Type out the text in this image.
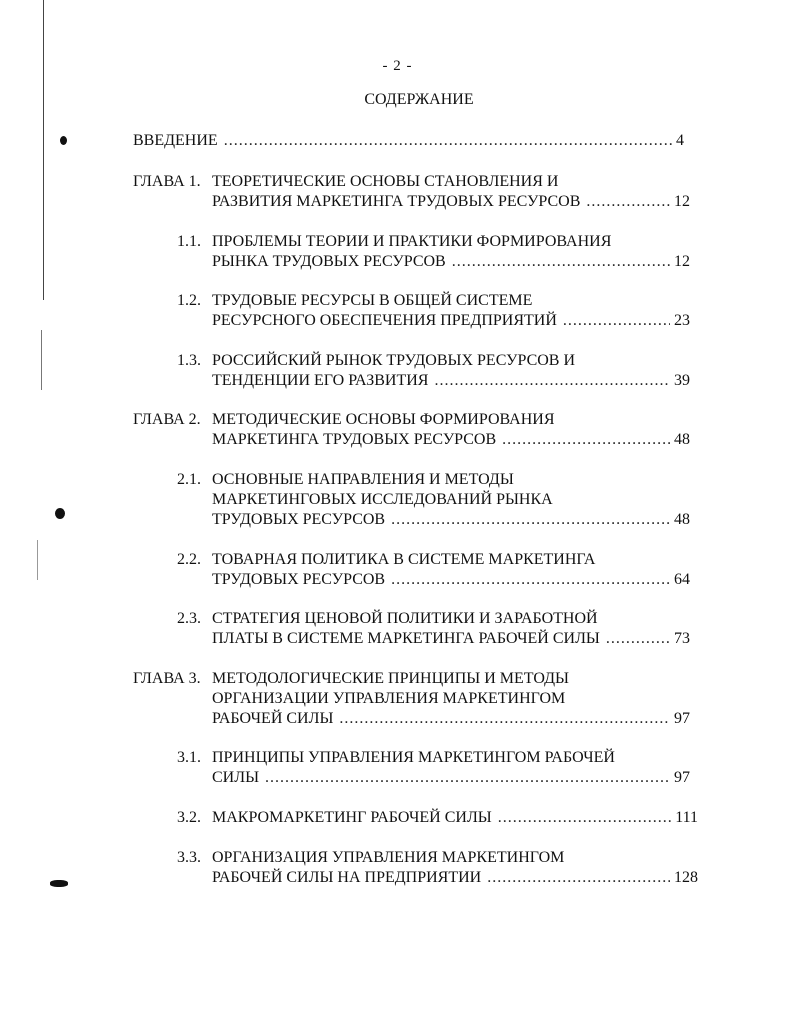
- 2 -
СОДЕРЖАНИЕ
ВВЕДЕНИЕ .....	4
ГЛАВА 1. ТЕОРЕТИЧЕСКИЕ ОСНОВЫ СТАНОВЛЕНИЯ И
РАЗВИТИЯ МАРКЕТИНГА ТРУДОВЫХ РЕСУРСОВ .....	12
1.1. ПРОБЛЕМЫ ТЕОРИИ И ПРАКТИКИ ФОРМИРОВАНИЯ
РЫНКА ТРУДОВЫХ РЕСУРСОВ .....	12
1.2. ТРУДОВЫЕ РЕСУРСЫ В ОБЩЕЙ СИСТЕМЕ
РЕСУРСНОГО ОБЕСПЕЧЕНИЯ ПРЕДПРИЯТИЙ .....	23
1.3. РОССИЙСКИЙ РЫНОК ТРУДОВЫХ РЕСУРСОВ И
ТЕНДЕНЦИИ ЕГО РАЗВИТИЯ .....	39
ГЛАВА 2. МЕТОДИЧЕСКИЕ ОСНОВЫ ФОРМИРОВАНИЯ
МАРКЕТИНГА ТРУДОВЫХ РЕСУРСОВ .....	48
2.1. ОСНОВНЫЕ НАПРАВЛЕНИЯ И МЕТОДЫ
МАРКЕТИНГОВЫХ ИССЛЕДОВАНИЙ РЫНКА
ТРУДОВЫХ РЕСУРСОВ .....	48
2.2. ТОВАРНАЯ ПОЛИТИКА В СИСТЕМЕ МАРКЕТИНГА
ТРУДОВЫХ РЕСУРСОВ .....	64
2.3. СТРАТЕГИЯ ЦЕНОВОЙ ПОЛИТИКИ И ЗАРАБОТНОЙ
ПЛАТЫ В СИСТЕМЕ МАРКЕТИНГА РАБОЧЕЙ СИЛЫ .....	73
ГЛАВА 3. МЕТОДОЛОГИЧЕСКИЕ ПРИНЦИПЫ И МЕТОДЫ
ОРГАНИЗАЦИИ УПРАВЛЕНИЯ МАРКЕТИНГОМ
РАБОЧЕЙ СИЛЫ .....	97
3.1. ПРИНЦИПЫ УПРАВЛЕНИЯ МАРКЕТИНГОМ РАБОЧЕЙ
СИЛЫ .....	97
3.2. МАКРОМАРКЕТИНГ РАБОЧЕЙ СИЛЫ .....	111
3.3. ОРГАНИЗАЦИЯ УПРАВЛЕНИЯ МАРКЕТИНГОМ
РАБОЧЕЙ СИЛЫ НА ПРЕДПРИЯТИИ .....	128
